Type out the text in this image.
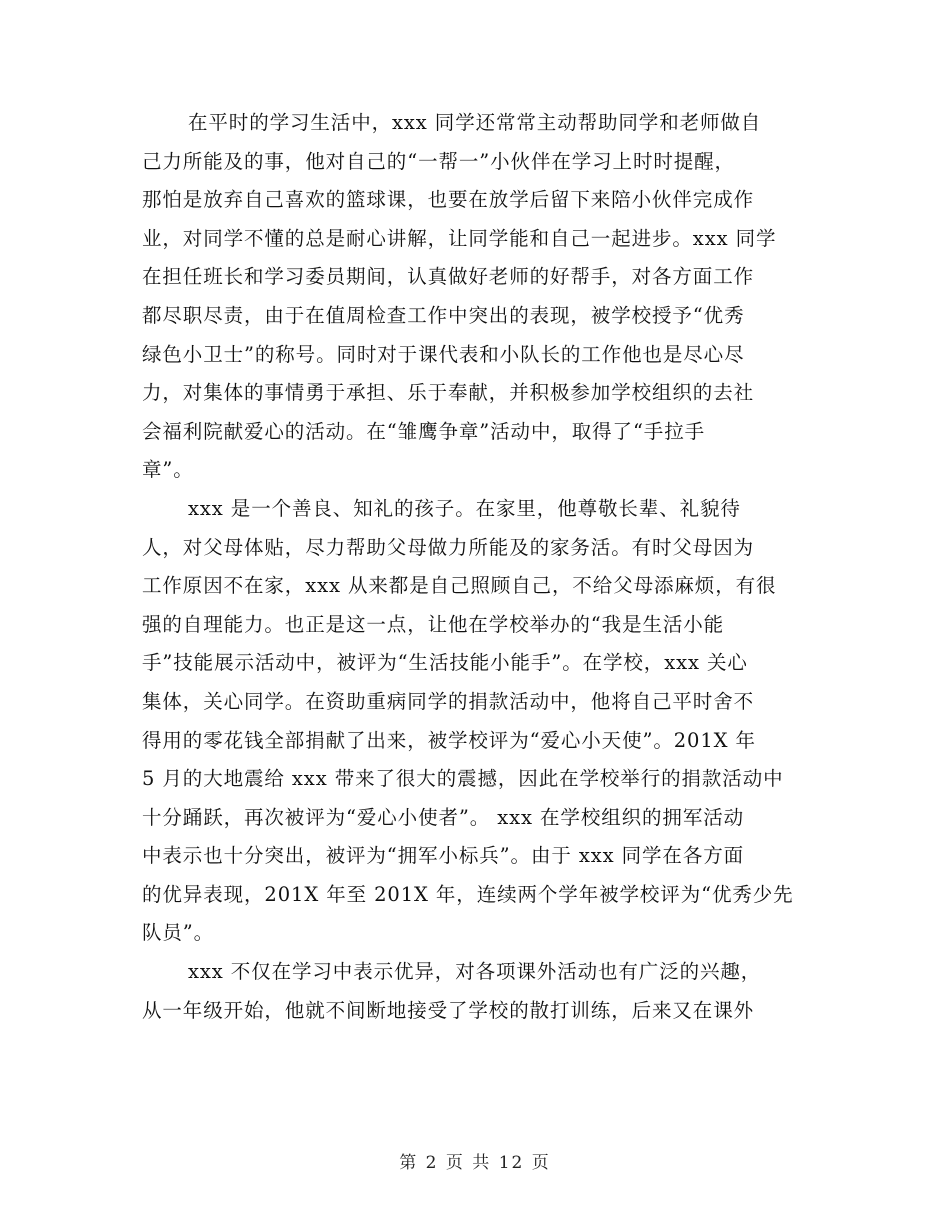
在平时的学习生活中，xxx 同学还常常主动帮助同学和老师做自
己力所能及的事，他对自己的“一帮一”小伙伴在学习上时时提醒，
那怕是放弃自己喜欢的篮球课，也要在放学后留下来陪小伙伴完成作
业，对同学不懂的总是耐心讲解，让同学能和自己一起进步。xxx 同学
在担任班长和学习委员期间，认真做好老师的好帮手，对各方面工作
都尽职尽责，由于在值周检查工作中突出的表现，被学校授予“优秀
绿色小卫士”的称号。同时对于课代表和小队长的工作他也是尽心尽
力，对集体的事情勇于承担、乐于奉献，并积极参加学校组织的去社
会福利院献爱心的活动。在“雏鹰争章”活动中，取得了“手拉手
章”。
xxx 是一个善良、知礼的孩子。在家里，他尊敬长辈、礼貌待
人，对父母体贴，尽力帮助父母做力所能及的家务活。有时父母因为
工作原因不在家，xxx 从来都是自己照顾自己，不给父母添麻烦，有很
强的自理能力。也正是这一点，让他在学校举办的“我是生活小能
手”技能展示活动中，被评为“生活技能小能手”。在学校，xxx 关心
集体，关心同学。在资助重病同学的捐款活动中，他将自己平时舍不
得用的零花钱全部捐献了出来，被学校评为“爱心小天使”。201X 年
5 月的大地震给 xxx 带来了很大的震撼，因此在学校举行的捐款活动中
十分踊跃，再次被评为“爱心小使者”。 xxx 在学校组织的拥军活动
中表示也十分突出，被评为“拥军小标兵”。由于 xxx 同学在各方面
的优异表现，201X 年至 201X 年，连续两个学年被学校评为“优秀少先
队员”。
xxx 不仅在学习中表示优异，对各项课外活动也有广泛的兴趣，
从一年级开始，他就不间断地接受了学校的散打训练，后来又在课外
第 2 页 共 12 页
